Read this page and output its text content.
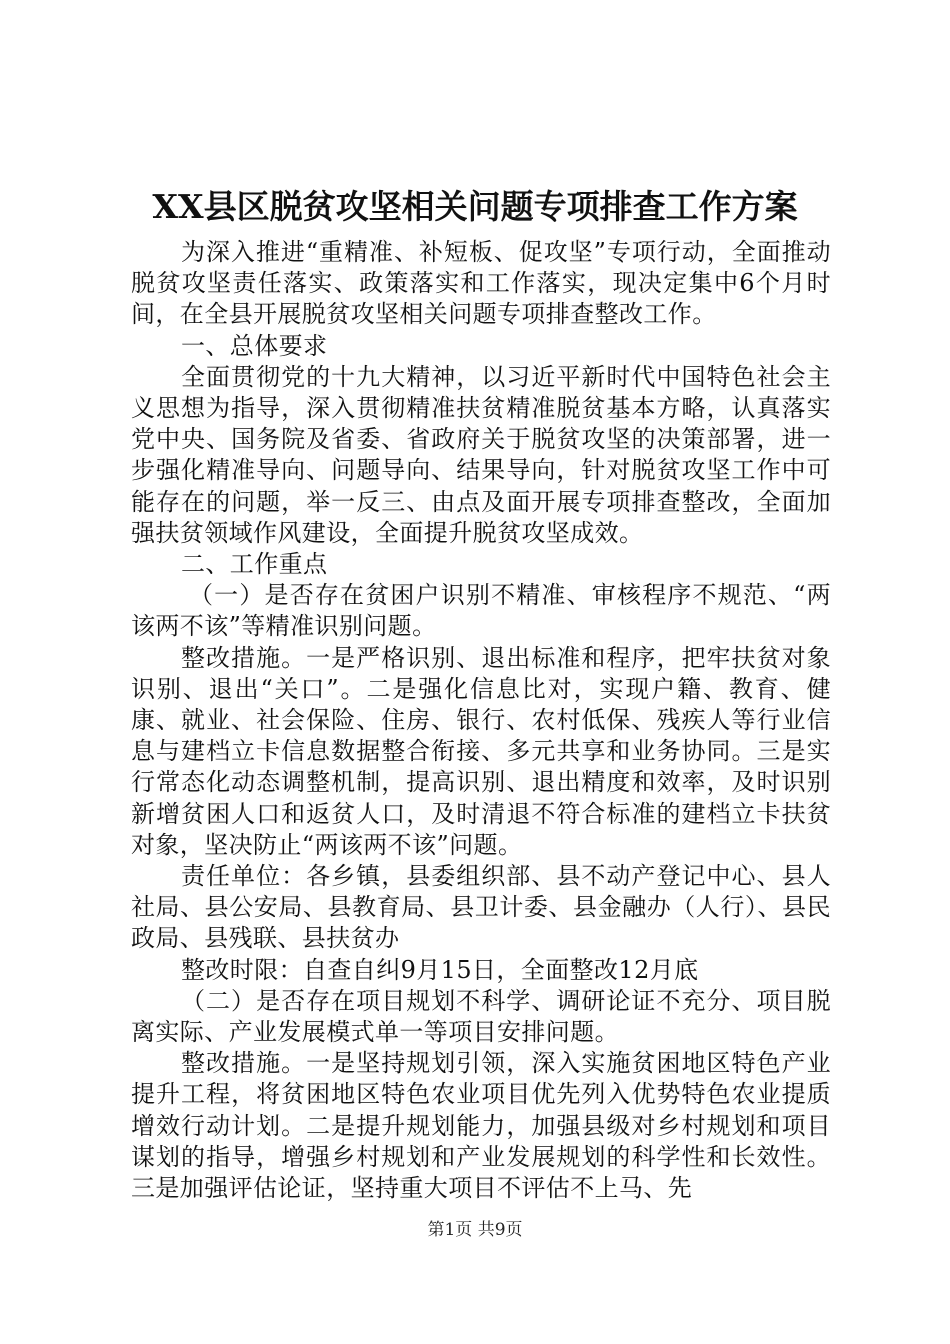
XX县区脱贫攻坚相关问题专项排查工作方案

为深入推进“重精准、补短板、促攻坚”专项行动，全面推动脱贫攻坚责任落实、政策落实和工作落实，现决定集中6个月时间，在全县开展脱贫攻坚相关问题专项排查整改工作。

一、总体要求

全面贯彻党的十九大精神，以习近平新时代中国特色社会主义思想为指导，深入贯彻精准扶贫精准脱贫基本方略，认真落实党中央、国务院及省委、省政府关于脱贫攻坚的决策部署，进一步强化精准导向、问题导向、结果导向，针对脱贫攻坚工作中可能存在的问题，举一反三、由点及面开展专项排查整改，全面加强扶贫领域作风建设，全面提升脱贫攻坚成效。

二、工作重点

（一）是否存在贫困户识别不精准、审核程序不规范、“两该两不该”等精准识别问题。

整改措施。一是严格识别、退出标准和程序，把牢扶贫对象识别、退出“关口”。二是强化信息比对，实现户籍、教育、健康、就业、社会保险、住房、银行、农村低保、残疾人等行业信息与建档立卡信息数据整合衔接、多元共享和业务协同。三是实行常态化动态调整机制，提高识别、退出精度和效率，及时识别新增贫困人口和返贫人口，及时清退不符合标准的建档立卡扶贫对象，坚决防止“两该两不该”问题。

责任单位：各乡镇，县委组织部、县不动产登记中心、县人社局、县公安局、县教育局、县卫计委、县金融办（人行）、县民政局、县残联、县扶贫办

整改时限：自查自纠9月15日，全面整改12月底

（二）是否存在项目规划不科学、调研论证不充分、项目脱离实际、产业发展模式单一等项目安排问题。

整改措施。一是坚持规划引领，深入实施贫困地区特色产业提升工程，将贫困地区特色农业项目优先列入优势特色农业提质增效行动计划。二是提升规划能力，加强县级对乡村规划和项目谋划的指导，增强乡村规划和产业发展规划的科学性和长效性。三是加强评估论证，坚持重大项目不评估不上马、先

第1页 共9页
